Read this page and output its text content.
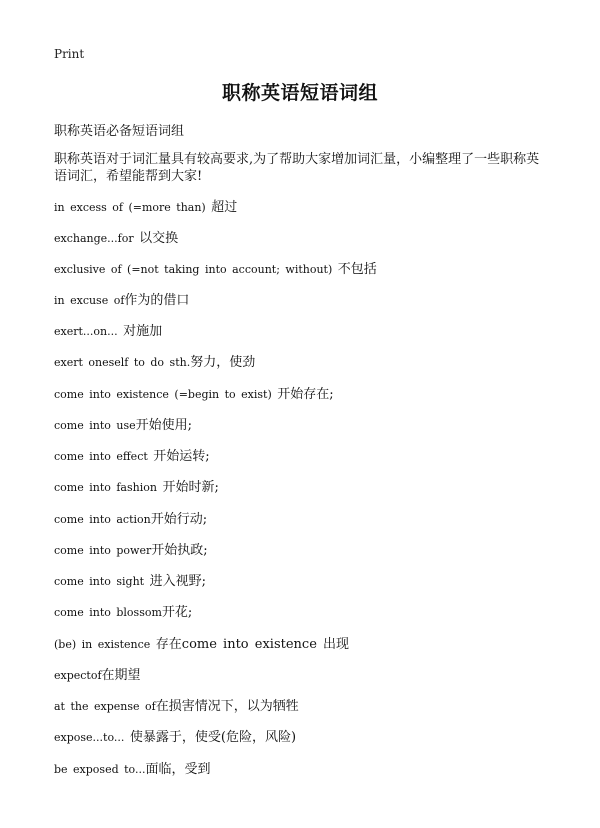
Print
职称英语短语词组
职称英语必备短语词组
职称英语对于词汇量具有较高要求,为了帮助大家增加词汇量，小编整理了一些职称英语词汇，希望能帮到大家!
in excess of (=more than) 超过
exchange...for 以交换
exclusive of (=not taking into account; without) 不包括
in excuse of作为的借口
exert...on... 对施加
exert oneself to do sth.努力，使劲
come into existence (=begin to exist) 开始存在;
come into use开始使用;
come into effect 开始运转;
come into fashion 开始时新;
come into action开始行动;
come into power开始执政;
come into sight 进入视野;
come into blossom开花;
(be) in existence 存在come into existence 出现
expectof在期望
at the expense of在损害情况下，以为牺牲
expose...to... 使暴露于，使受(危险，风险)
be exposed to...面临，受到
